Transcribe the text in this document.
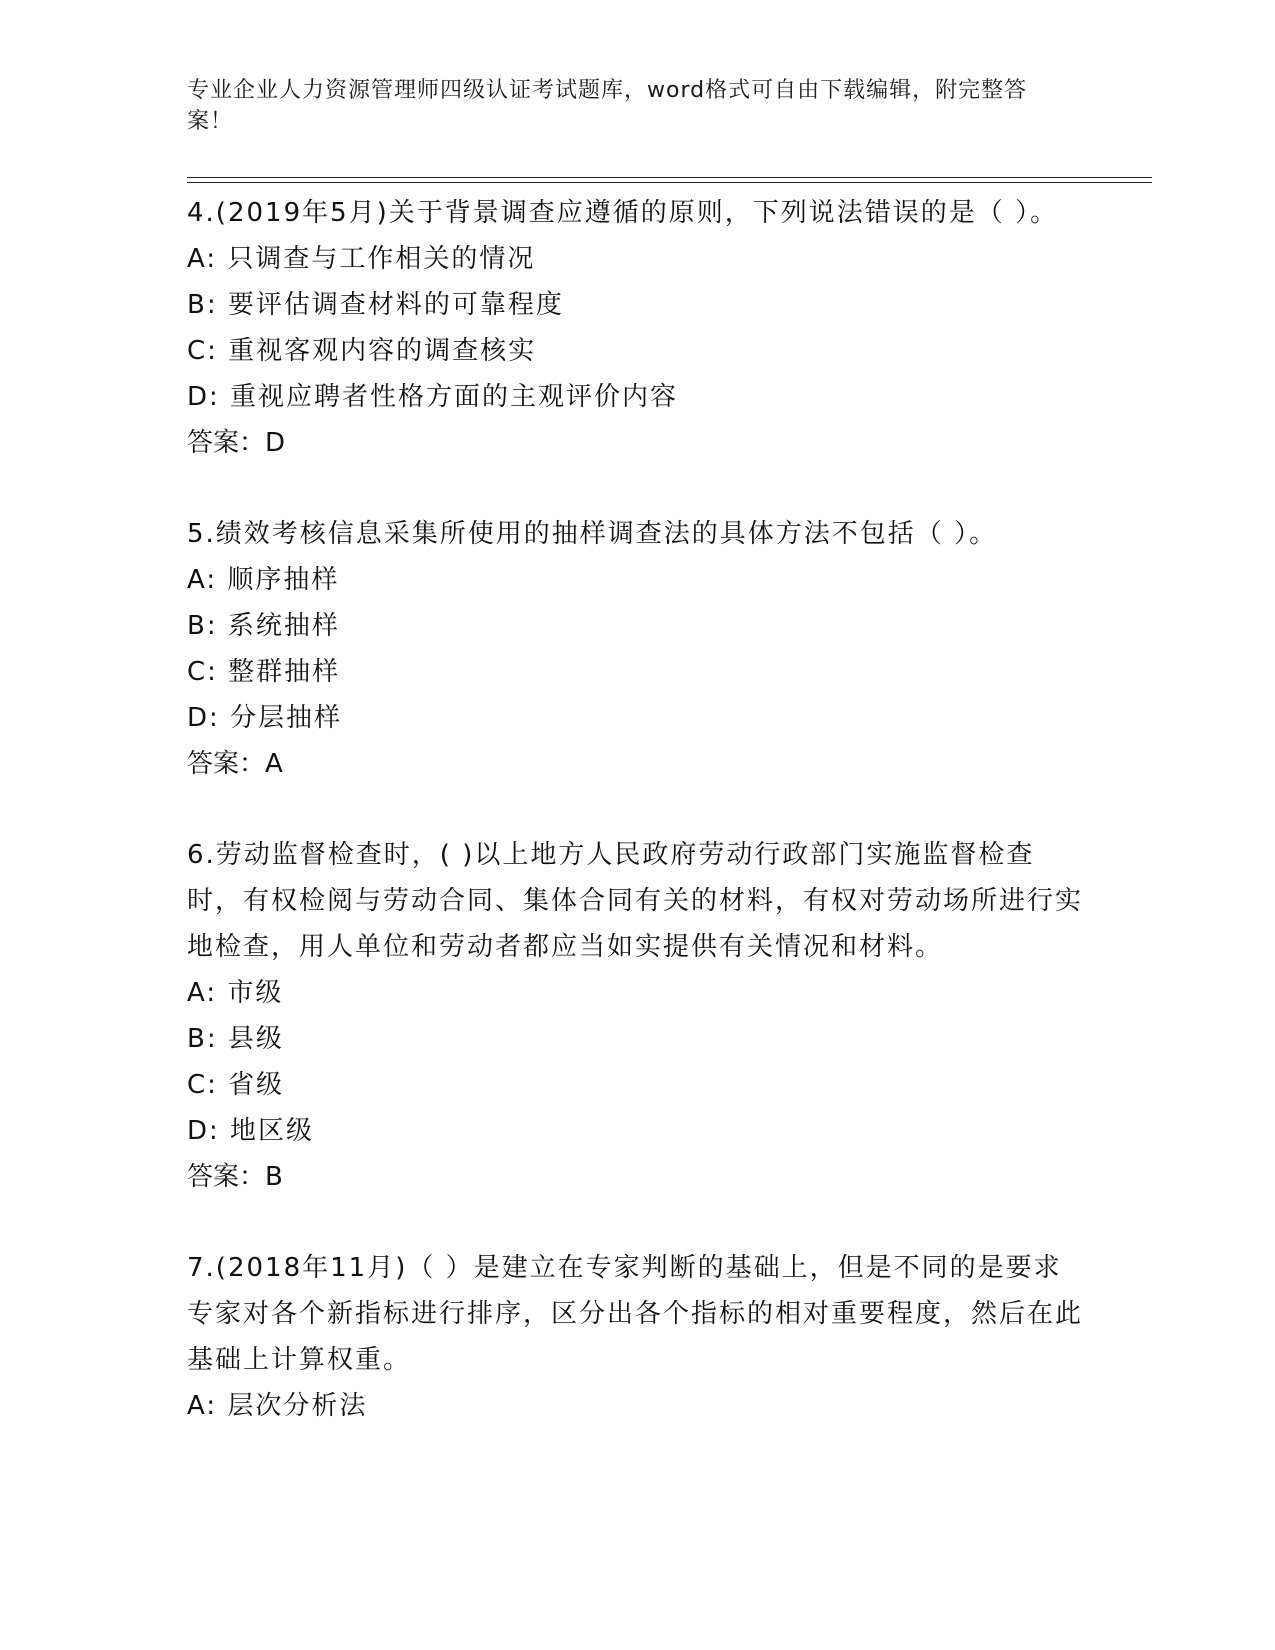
专业企业人力资源管理师四级认证考试题库，word格式可自由下载编辑，附完整答案！

4.(2019年5月)关于背景调查应遵循的原则，下列说法错误的是（ ）。

A: 只调查与工作相关的情况

B: 要评估调查材料的可靠程度

C: 重视客观内容的调查核实

D: 重视应聘者性格方面的主观评价内容

答案：D

5.绩效考核信息采集所使用的抽样调查法的具体方法不包括（ ）。

A: 顺序抽样

B: 系统抽样

C: 整群抽样

D: 分层抽样

答案：A

6.劳动监督检查时，( )以上地方人民政府劳动行政部门实施监督检查时，有权检阅与劳动合同、集体合同有关的材料，有权对劳动场所进行实地检查，用人单位和劳动者都应当如实提供有关情况和材料。

A: 市级

B: 县级

C: 省级

D: 地区级

答案：B

7.(2018年11月)（ ）是建立在专家判断的基础上，但是不同的是要求专家对各个新指标进行排序，区分出各个指标的相对重要程度，然后在此基础上计算权重。

A: 层次分析法
